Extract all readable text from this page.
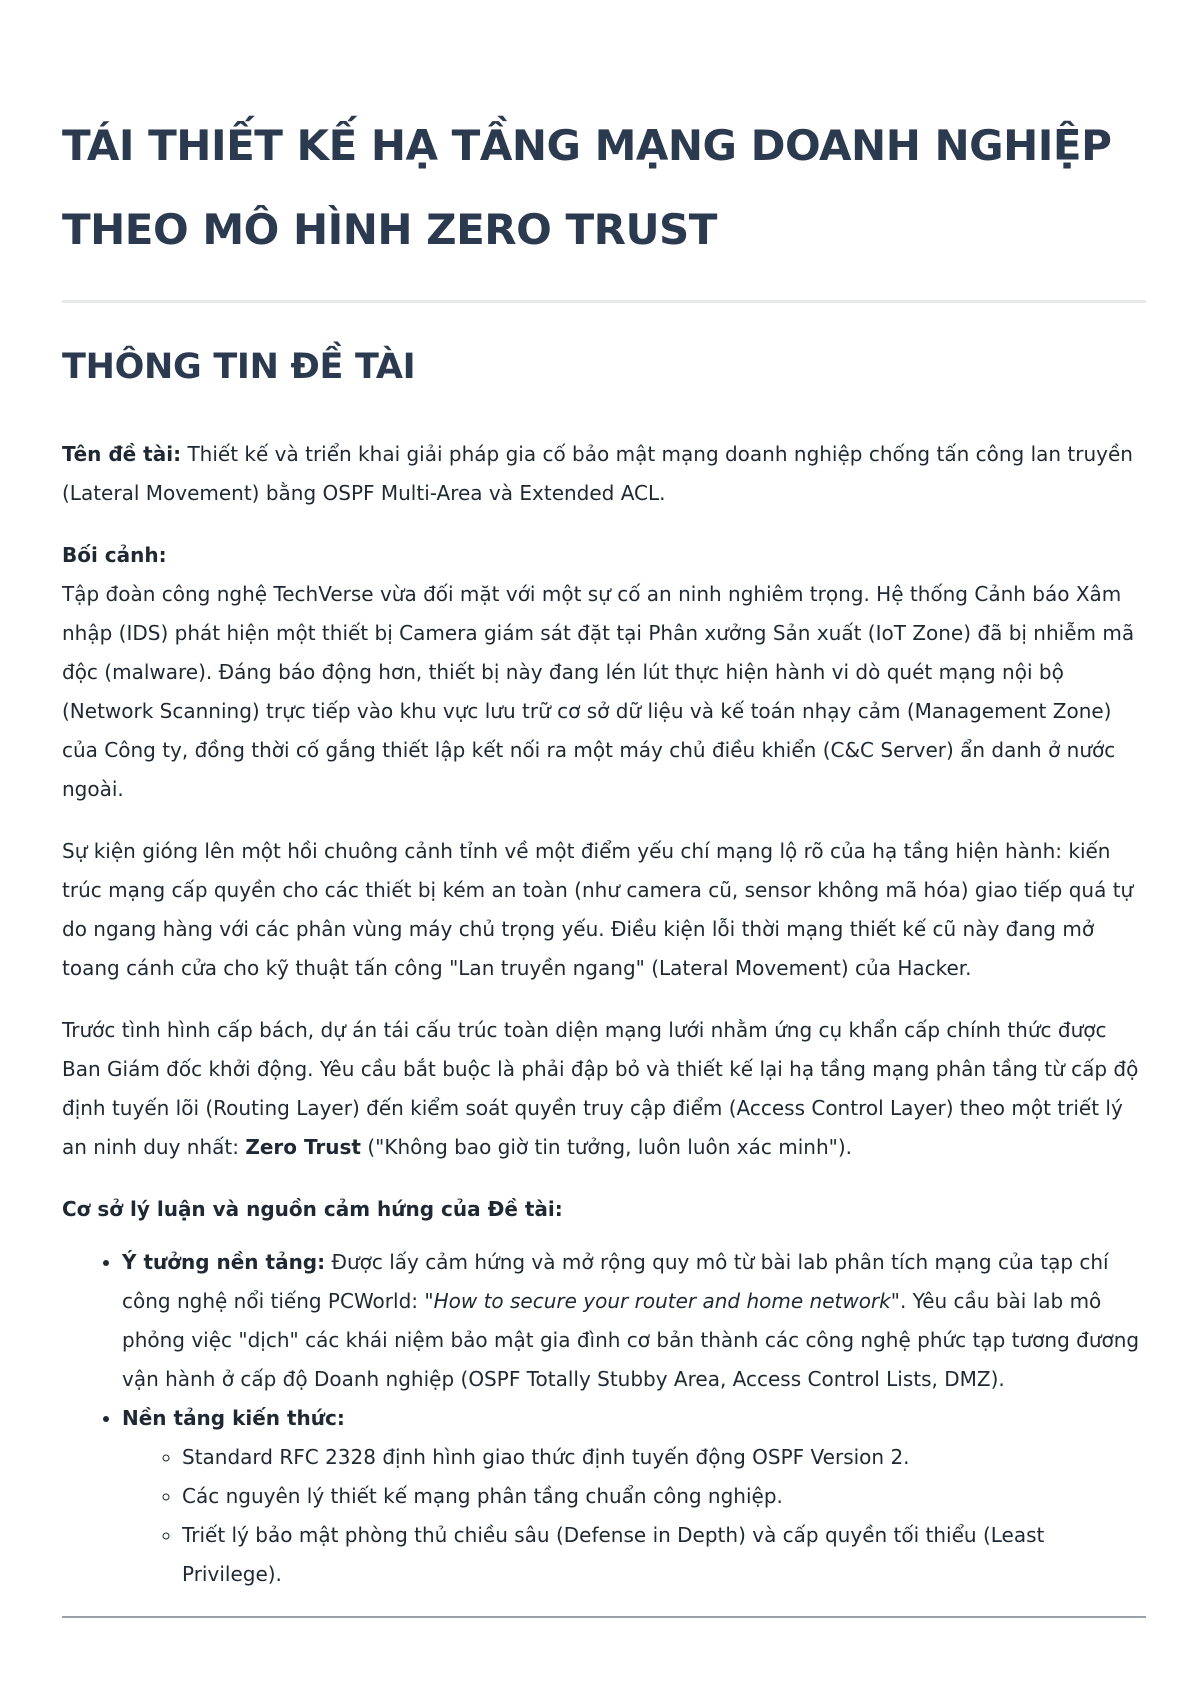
TÁI THIẾT KẾ HẠ TẦNG MẠNG DOANH NGHIỆP
THEO MÔ HÌNH ZERO TRUST
THÔNG TIN ĐỀ TÀI

Tên đề tài: Thiết kế và triển khai giải pháp gia cố bảo mật mạng doanh nghiệp chống tấn công lan truyền (Lateral Movement) bằng OSPF Multi-Area và Extended ACL.

Bối cảnh:

Tập đoàn công nghệ TechVerse vừa đối mặt với một sự cố an ninh nghiêm trọng. Hệ thống Cảnh báo Xâm nhập (IDS) phát hiện một thiết bị Camera giám sát đặt tại Phân xưởng Sản xuất (IoT Zone) đã bị nhiễm mã độc (malware). Đáng báo động hơn, thiết bị này đang lén lút thực hiện hành vi dò quét mạng nội bộ (Network Scanning) trực tiếp vào khu vực lưu trữ cơ sở dữ liệu và kế toán nhạy cảm (Management Zone) của Công ty, đồng thời cố gắng thiết lập kết nối ra một máy chủ điều khiển (C&C Server) ẩn danh ở nước ngoài.

Sự kiện gióng lên một hồi chuông cảnh tỉnh về một điểm yếu chí mạng lộ rõ của hạ tầng hiện hành: kiến trúc mạng cấp quyền cho các thiết bị kém an toàn (như camera cũ, sensor không mã hóa) giao tiếp quá tự do ngang hàng với các phân vùng máy chủ trọng yếu. Điều kiện lỗi thời mạng thiết kế cũ này đang mở toang cánh cửa cho kỹ thuật tấn công "Lan truyền ngang" (Lateral Movement) của Hacker.

Trước tình hình cấp bách, dự án tái cấu trúc toàn diện mạng lưới nhằm ứng cụ khẩn cấp chính thức được Ban Giám đốc khởi động. Yêu cầu bắt buộc là phải đập bỏ và thiết kế lại hạ tầng mạng phân tầng từ cấp độ định tuyến lõi (Routing Layer) đến kiểm soát quyền truy cập điểm (Access Control Layer) theo một triết lý an ninh duy nhất: Zero Trust ("Không bao giờ tin tưởng, luôn luôn xác minh").

Cơ sở lý luận và nguồn cảm hứng của Đề tài:

• Ý tưởng nền tảng: Được lấy cảm hứng và mở rộng quy mô từ bài lab phân tích mạng của tạp chí công nghệ nổi tiếng PCWorld: "How to secure your router and home network". Yêu cầu bài lab mô phỏng việc "dịch" các khái niệm bảo mật gia đình cơ bản thành các công nghệ phức tạp tương đương vận hành ở cấp độ Doanh nghiệp (OSPF Totally Stubby Area, Access Control Lists, DMZ).
• Nền tảng kiến thức:
◦ Standard RFC 2328 định hình giao thức định tuyến động OSPF Version 2.
◦ Các nguyên lý thiết kế mạng phân tầng chuẩn công nghiệp.
◦ Triết lý bảo mật phòng thủ chiều sâu (Defense in Depth) và cấp quyền tối thiểu (Least Privilege).
